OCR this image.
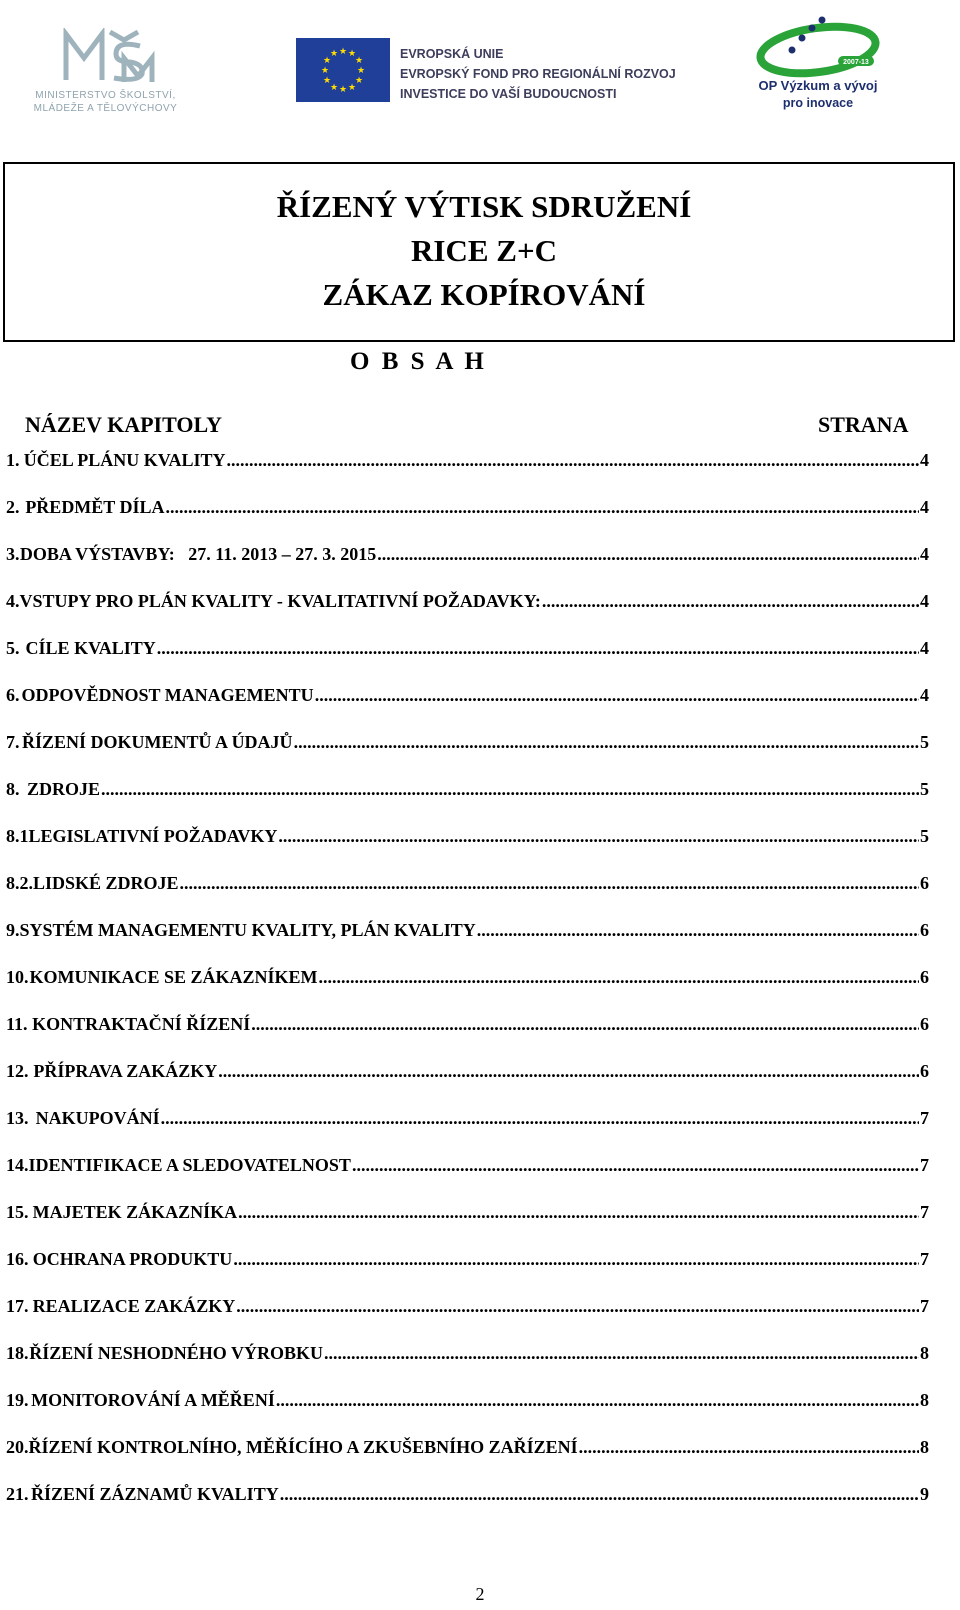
MINISTERSTVO ŠKOLSTVÍ,
MLÁDEŽE A TĚLOVÝCHOVY
★ ★
★
★
★
★
★
★
★
★
★
★	EVROPSKÁ UNIE
EVROPSKÝ FOND PRO REGIONÁLNÍ ROZVOJ
INVESTICE DO VAŠÍ BUDOUCNOSTI
2007-13
OP Výzkum a vývoj
pro inovace
ŘÍZENÝ VÝTISK SDRUŽENÍ
RICE Z+C
ZÁKAZ KOPÍROVÁNÍ
O B S A H
NÁZEV KAPITOLY	STRANA
1. ÚČEL PLÁNU KVALITY .....	4
2. PŘEDMĚT DÍLA .....	4
3. DOBA VÝSTAVBY:   27. 11. 2013 – 27. 3. 2015 .....	4
4. VSTUPY PRO PLÁN KVALITY - KVALITATIVNÍ POŽADAVKY: .....	4
5. CÍLE KVALITY .....	4
6. ODPOVĚDNOST MANAGEMENTU .....	4
7. ŘÍZENÍ DOKUMENTŮ A ÚDAJŮ .....	5
8. ZDROJE .....	5
8.1 LEGISLATIVNÍ POŽADAVKY .....	5
8.2. LIDSKÉ ZDROJE .....	6
9. SYSTÉM MANAGEMENTU KVALITY, PLÁN KVALITY .....	6
10. KOMUNIKACE SE ZÁKAZNÍKEM .....	6
11. KONTRAKTAČNÍ ŘÍZENÍ .....	6
12. PŘÍPRAVA ZAKÁZKY .....	6
13. NAKUPOVÁNÍ .....	7
14. IDENTIFIKACE A SLEDOVATELNOST .....	7
15. MAJETEK ZÁKAZNÍKA .....	7
16. OCHRANA PRODUKTU .....	7
17. REALIZACE ZAKÁZKY .....	7
18. ŘÍZENÍ NESHODNÉHO VÝROBKU .....	8
19. MONITOROVÁNÍ A MĚŘENÍ .....	8
20. ŘÍZENÍ KONTROLNÍHO, MĚŘÍCÍHO A ZKUŠEBNÍHO ZAŘÍZENÍ .....	8
21. ŘÍZENÍ ZÁZNAMŮ KVALITY .....	9
2
